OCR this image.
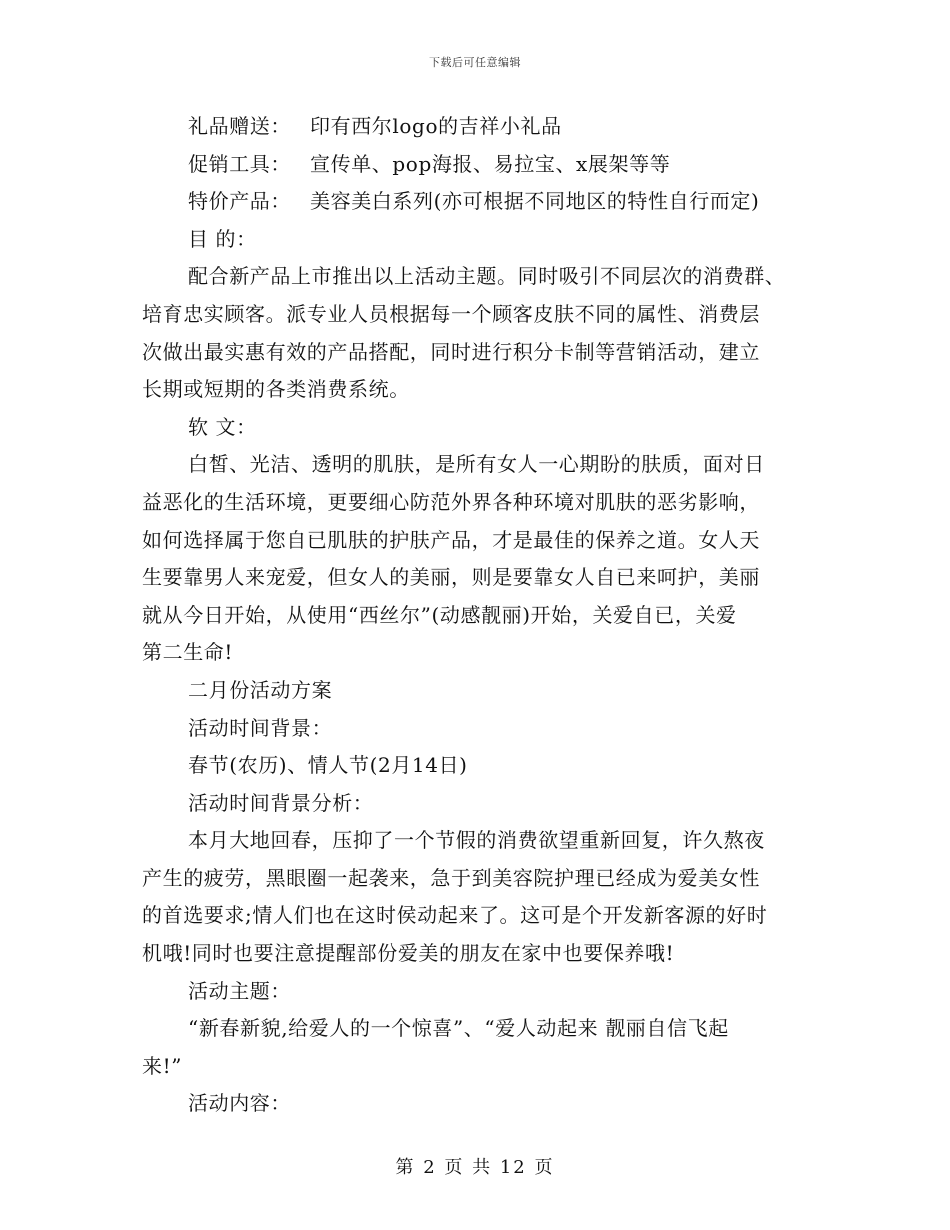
下载后可任意编辑
礼品赠送： 印有西尔logo的吉祥小礼品
促销工具： 宣传单、pop海报、易拉宝、x展架等等
特价产品： 美容美白系列(亦可根据不同地区的特性自行而定)
目 的：
配合新产品上市推出以上活动主题。同时吸引不同层次的消费群、
培育忠实顾客。派专业人员根据每一个顾客皮肤不同的属性、消费层
次做出最实惠有效的产品搭配，同时进行积分卡制等营销活动，建立
长期或短期的各类消费系统。
软 文：
白皙、光洁、透明的肌肤，是所有女人一心期盼的肤质，面对日
益恶化的生活环境，更要细心防范外界各种环境对肌肤的恶劣影响，
如何选择属于您自已肌肤的护肤产品，才是最佳的保养之道。女人天
生要靠男人来宠爱，但女人的美丽，则是要靠女人自已来呵护，美丽
就从今日开始，从使用“西丝尔”(动感靓丽)开始，关爱自已，关爱
第二生命!
二月份活动方案
活动时间背景：
春节(农历)、情人节(2月14日)
活动时间背景分析：
本月大地回春，压抑了一个节假的消费欲望重新回复，许久熬夜
产生的疲劳，黑眼圈一起袭来，急于到美容院护理已经成为爱美女性
的首选要求;情人们也在这时侯动起来了。这可是个开发新客源的好时
机哦!同时也要注意提醒部份爱美的朋友在家中也要保养哦!
活动主题：
“新春新貌,给爱人的一个惊喜”、“爱人动起来 靓丽自信飞起
来!”
活动内容：
第 2 页 共 12 页
